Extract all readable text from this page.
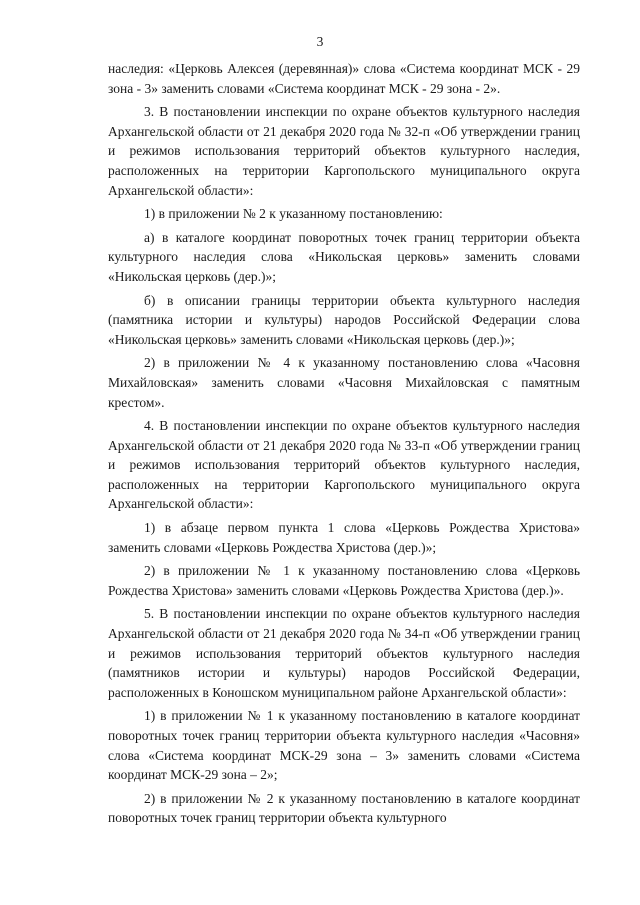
3

наследия: «Церковь Алексея (деревянная)» слова «Система координат МСК - 29 зона - 3» заменить словами «Система координат МСК - 29 зона - 2».

3. В постановлении инспекции по охране объектов культурного наследия Архангельской области от 21 декабря 2020 года № 32-п «Об утверждении границ и режимов использования территорий объектов культурного наследия, расположенных на территории Каргопольского муниципального округа Архангельской области»:

1) в приложении № 2 к указанному постановлению:

а) в каталоге координат поворотных точек границ территории объекта культурного наследия слова «Никольская церковь» заменить словами «Никольская церковь (дер.)»;

б) в описании границы территории объекта культурного наследия (памятника истории и культуры) народов Российской Федерации слова «Никольская церковь» заменить словами «Никольская церковь (дер.)»;

2) в приложении № 4 к указанному постановлению слова «Часовня Михайловская» заменить словами «Часовня Михайловская с памятным крестом».

4. В постановлении инспекции по охране объектов культурного наследия Архангельской области от 21 декабря 2020 года № 33-п «Об утверждении границ и режимов использования территорий объектов культурного наследия, расположенных на территории Каргопольского муниципального округа Архангельской области»:

1) в абзаце первом пункта 1 слова «Церковь Рождества Христова» заменить словами «Церковь Рождества Христова (дер.)»;

2) в приложении № 1 к указанному постановлению слова «Церковь Рождества Христова» заменить словами «Церковь Рождества Христова (дер.)».

5. В постановлении инспекции по охране объектов культурного наследия Архангельской области от 21 декабря 2020 года № 34-п «Об утверждении границ и режимов использования территорий объектов культурного наследия (памятников истории и культуры) народов Российской Федерации, расположенных в Коношском муниципальном районе Архангельской области»:

1) в приложении № 1 к указанному постановлению в каталоге координат поворотных точек границ территории объекта культурного наследия «Часовня» слова «Система координат МСК-29 зона – 3» заменить словами «Система координат МСК-29 зона – 2»;

2) в приложении № 2 к указанному постановлению в каталоге координат поворотных точек границ территории объекта культурного
